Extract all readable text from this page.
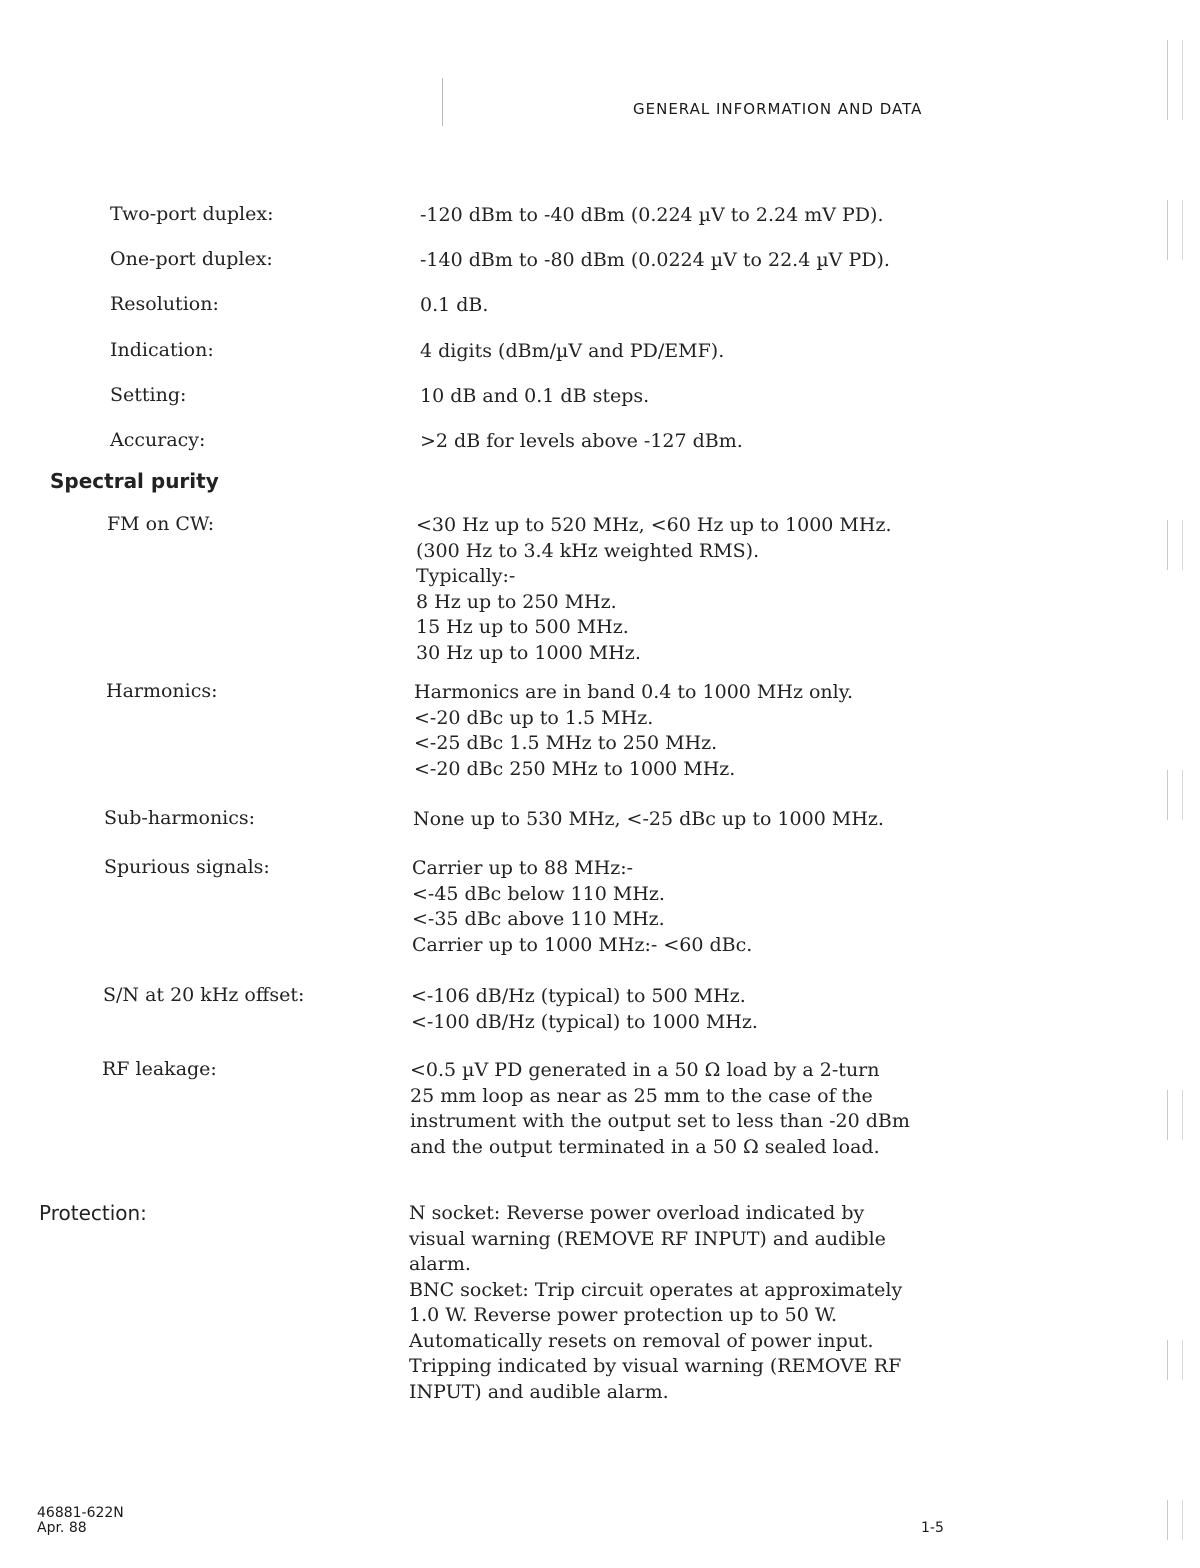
GENERAL INFORMATION AND DATA
Two-port duplex:	-120 dBm to -40 dBm (0.224 µV to 2.24 mV PD).
One-port duplex:	-140 dBm to -80 dBm (0.0224 µV to 22.4 µV PD).
Resolution:	0.1 dB.
Indication:	4 digits (dBm/µV and PD/EMF).
Setting:	10 dB and 0.1 dB steps.
Accuracy:	>2 dB for levels above -127 dBm.
Spectral purity
FM on CW:	<30 Hz up to 520 MHz, <60 Hz up to 1000 MHz.
(300 Hz to 3.4 kHz weighted RMS).
Typically:-
8 Hz up to 250 MHz.
15 Hz up to 500 MHz.
30 Hz up to 1000 MHz.
Harmonics:	Harmonics are in band 0.4 to 1000 MHz only.
<-20 dBc up to 1.5 MHz.
<-25 dBc 1.5 MHz to 250 MHz.
<-20 dBc 250 MHz to 1000 MHz.
Sub-harmonics:	None up to 530 MHz, <-25 dBc up to 1000 MHz.
Spurious signals:	Carrier up to 88 MHz:-
<-45 dBc below 110 MHz.
<-35 dBc above 110 MHz.
Carrier up to 1000 MHz:- <60 dBc.
S/N at 20 kHz offset:	<-106 dB/Hz (typical) to 500 MHz.
<-100 dB/Hz (typical) to 1000 MHz.
RF leakage:	<0.5 µV PD generated in a 50 Ω load by a 2-turn
25 mm loop as near as 25 mm to the case of the
instrument with the output set to less than -20 dBm
and the output terminated in a 50 Ω sealed load.
Protection:	N socket: Reverse power overload indicated by
visual warning (REMOVE RF INPUT) and audible
alarm.
BNC socket: Trip circuit operates at approximately
1.0 W. Reverse power protection up to 50 W.
Automatically resets on removal of power input.
Tripping indicated by visual warning (REMOVE RF
INPUT) and audible alarm.
46881-622N
Apr. 88	1-5
